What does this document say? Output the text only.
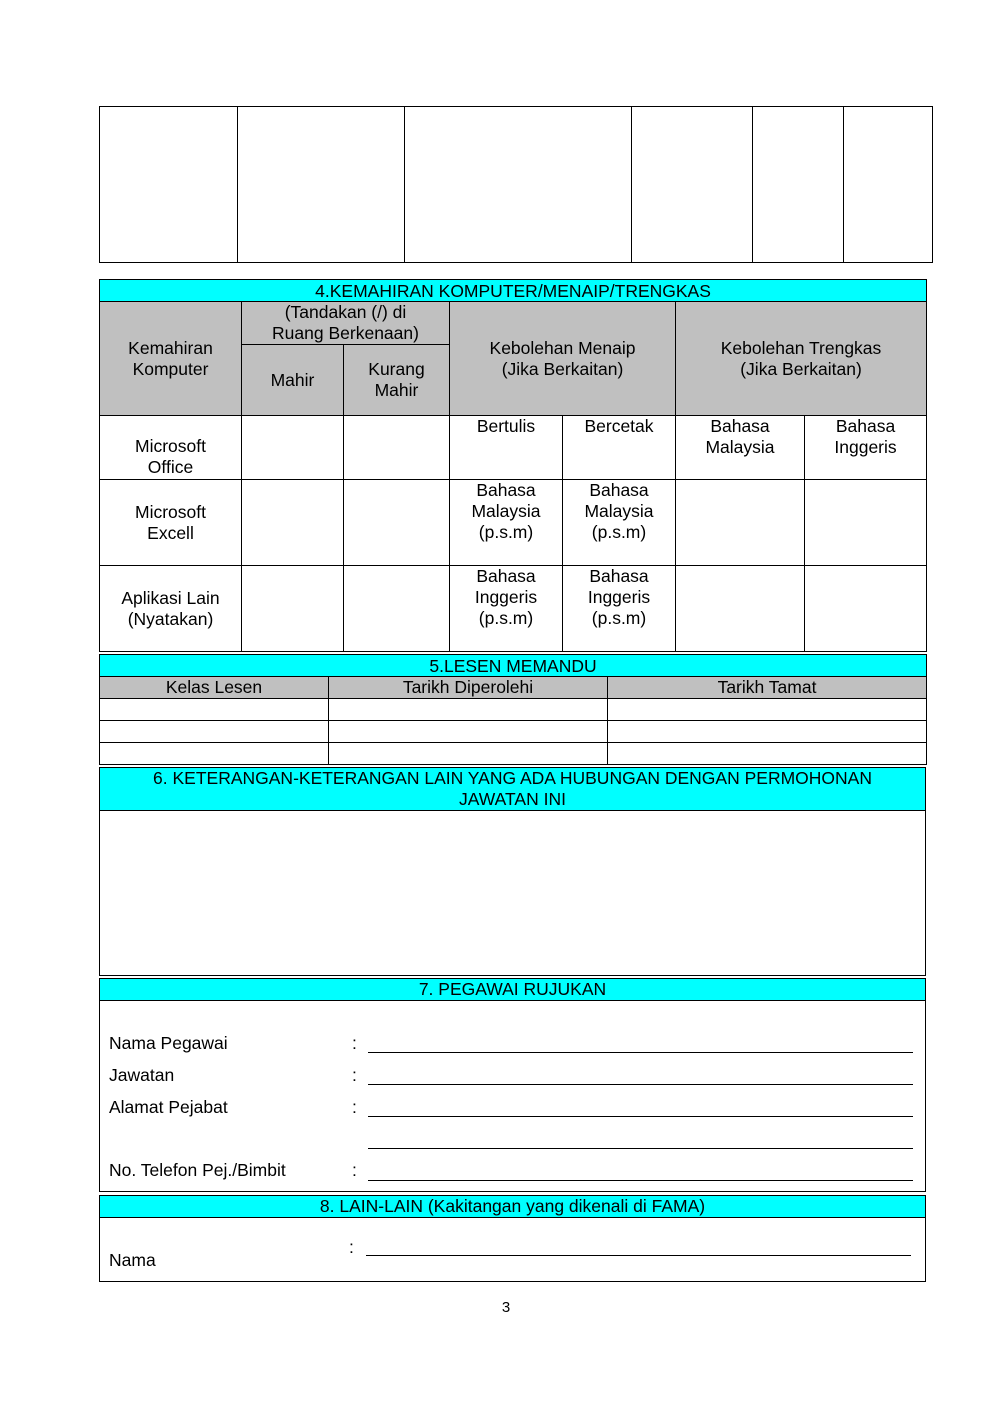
4.KEMAHIRAN KOMPUTER/MENAIP/TRENGKAS						
Kemahiran Komputer	(Tandakan (/) di Ruang Berkenaan)		Kebolehan Menaip (Jika Berkaitan)		Kebolehan Trengkas (Jika Berkaitan)	
	Mahir	Kurang Mahir				
Microsoft Office			Bertulis	Bercetak	Bahasa Malaysia	Bahasa Inggeris
Microsoft Excell			Bahasa Malaysia (p.s.m)	Bahasa Malaysia (p.s.m)		
Aplikasi Lain (Nyatakan)			Bahasa Inggeris (p.s.m)	Bahasa Inggeris (p.s.m)		
5.LESEN MEMANDU		
Kelas Lesen	Tarikh Diperolehi	Tarikh Tamat

6. KETERANGAN-KETERANGAN LAIN YANG ADA HUBUNGAN DENGAN PERMOHONAN JAWATAN INI

7. PEGAWAI RUJUKAN
Nama Pegawai	:
Jawatan	:
Alamat Pejabat	:
No. Telefon Pej./Bimbit	:
8. LAIN-LAIN (Kakitangan yang dikenali di FAMA)
:
Nama
3
